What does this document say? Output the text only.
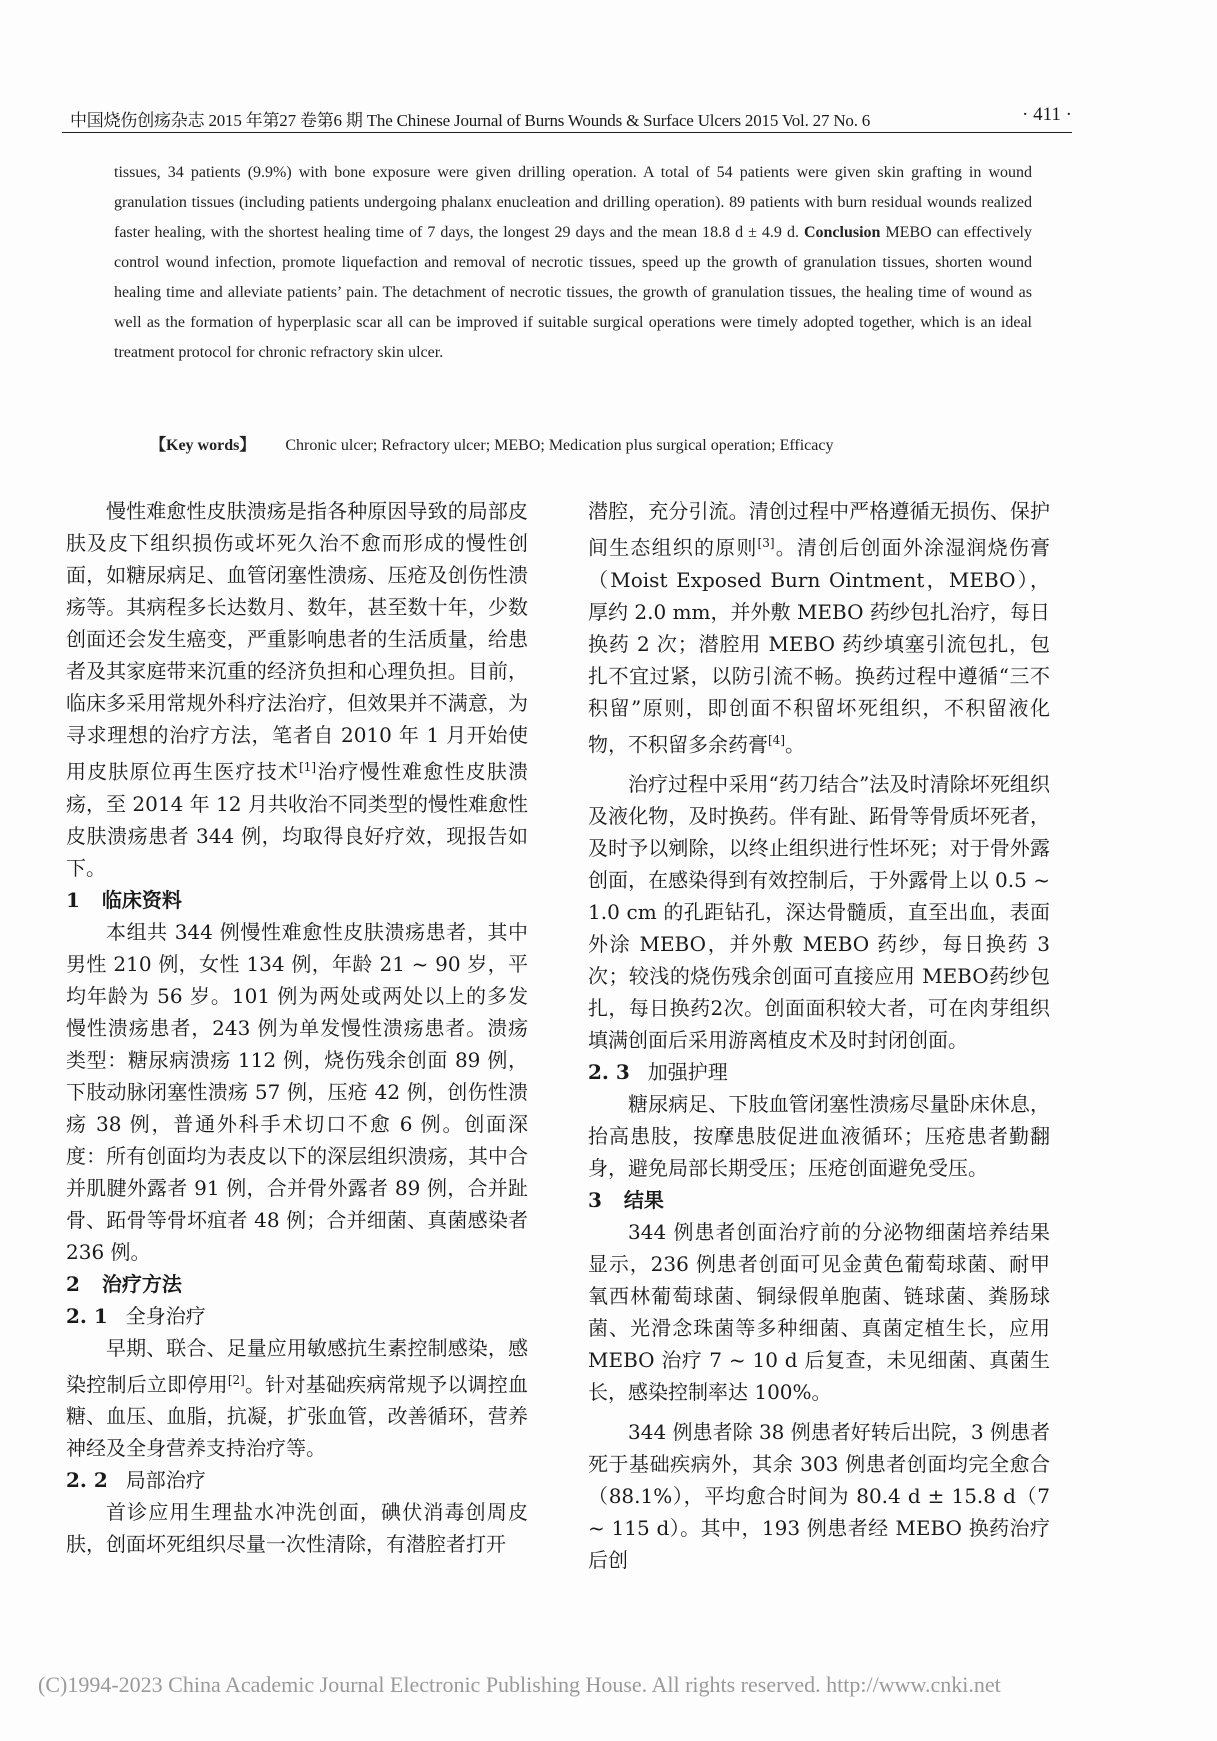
中国烧伤创疡杂志 2015 年第27 卷第6 期 The Chinese Journal of Burns Wounds & Surface Ulcers 2015 Vol. 27 No. 6	· 411 ·
tissues, 34 patients (9.9%) with bone exposure were given drilling operation. A total of 54 patients were given skin grafting in wound granulation tissues (including patients undergoing phalanx enucleation and drilling operation). 89 patients with burn residual wounds realized faster healing, with the shortest healing time of 7 days, the longest 29 days and the mean 18.8 d ± 4.9 d. Conclusion MEBO can effectively control wound infection, promote liquefaction and removal of necrotic tissues, speed up the growth of granulation tissues, shorten wound healing time and alleviate patients’ pain. The detachment of necrotic tissues, the growth of granulation tissues, the healing time of wound as well as the formation of hyperplasic scar all can be improved if suitable surgical operations were timely adopted together, which is an ideal treatment protocol for chronic refractory skin ulcer.
【Key words】 Chronic ulcer; Refractory ulcer; MEBO; Medication plus surgical operation; Efficacy

慢性难愈性皮肤溃疡是指各种原因导致的局部皮肤及皮下组织损伤或坏死久治不愈而形成的慢性创面，如糖尿病足、血管闭塞性溃疡、压疮及创伤性溃疡等。其病程多长达数月、数年，甚至数十年，少数创面还会发生癌变，严重影响患者的生活质量，给患者及其家庭带来沉重的经济负担和心理负担。目前，临床多采用常规外科疗法治疗，但效果并不满意，为寻求理想的治疗方法，笔者自 2010 年 1 月开始使用皮肤原位再生医疗技术[1]治疗慢性难愈性皮肤溃疡，至 2014 年 12 月共收治不同类型的慢性难愈性皮肤溃疡患者 344 例，均取得良好疗效，现报告如下。

1 临床资料

本组共 344 例慢性难愈性皮肤溃疡患者，其中男性 210 例，女性 134 例，年龄 21 ~ 90 岁，平均年龄为 56 岁。101 例为两处或两处以上的多发慢性溃疡患者，243 例为单发慢性溃疡患者。溃疡类型：糖尿病溃疡 112 例，烧伤残余创面 89 例，下肢动脉闭塞性溃疡 57 例，压疮 42 例，创伤性溃疡 38 例，普通外科手术切口不愈 6 例。创面深度：所有创面均为表皮以下的深层组织溃疡，其中合并肌腱外露者 91 例，合并骨外露者 89 例，合并趾骨、跖骨等骨坏疽者 48 例；合并细菌、真菌感染者 236 例。

2 治疗方法
2. 1 全身治疗

早期、联合、足量应用敏感抗生素控制感染，感染控制后立即停用[2]。针对基础疾病常规予以调控血糖、血压、血脂，抗凝，扩张血管，改善循环，营养神经及全身营养支持治疗等。

2. 2 局部治疗

首诊应用生理盐水冲洗创面，碘伏消毒创周皮肤，创面坏死组织尽量一次性清除，有潜腔者打开

潜腔，充分引流。清创过程中严格遵循无损伤、保护间生态组织的原则[3]。清创后创面外涂湿润烧伤膏（Moist Exposed Burn Ointment，MEBO），厚约 2.0 mm，并外敷 MEBO 药纱包扎治疗，每日换药 2 次；潜腔用 MEBO 药纱填塞引流包扎，包扎不宜过紧，以防引流不畅。换药过程中遵循“三不积留”原则，即创面不积留坏死组织，不积留液化物，不积留多余药膏[4]。

治疗过程中采用“药刀结合”法及时清除坏死组织及液化物，及时换药。伴有趾、跖骨等骨质坏死者，及时予以剜除，以终止组织进行性坏死；对于骨外露创面，在感染得到有效控制后，于外露骨上以 0.5 ~ 1.0 cm 的孔距钻孔，深达骨髓质，直至出血，表面外涂 MEBO，并外敷 MEBO 药纱，每日换药 3 次；较浅的烧伤残余创面可直接应用 MEBO药纱包扎，每日换药2次。创面面积较大者，可在肉芽组织填满创面后采用游离植皮术及时封闭创面。

2. 3 加强护理

糖尿病足、下肢血管闭塞性溃疡尽量卧床休息，抬高患肢，按摩患肢促进血液循环；压疮患者勤翻身，避免局部长期受压；压疮创面避免受压。

3 结果

344 例患者创面治疗前的分泌物细菌培养结果显示，236 例患者创面可见金黄色葡萄球菌、耐甲氧西林葡萄球菌、铜绿假单胞菌、链球菌、粪肠球菌、光滑念珠菌等多种细菌、真菌定植生长，应用 MEBO 治疗 7 ~ 10 d 后复查，未见细菌、真菌生长，感染控制率达 100%。

344 例患者除 38 例患者好转后出院，3 例患者死于基础疾病外，其余 303 例患者创面均完全愈合（88.1%），平均愈合时间为 80.4 d ± 15.8 d（7 ~ 115 d）。其中，193 例患者经 MEBO 换药治疗后创

(C)1994-2023 China Academic Journal Electronic Publishing House. All rights reserved. http://www.cnki.net
